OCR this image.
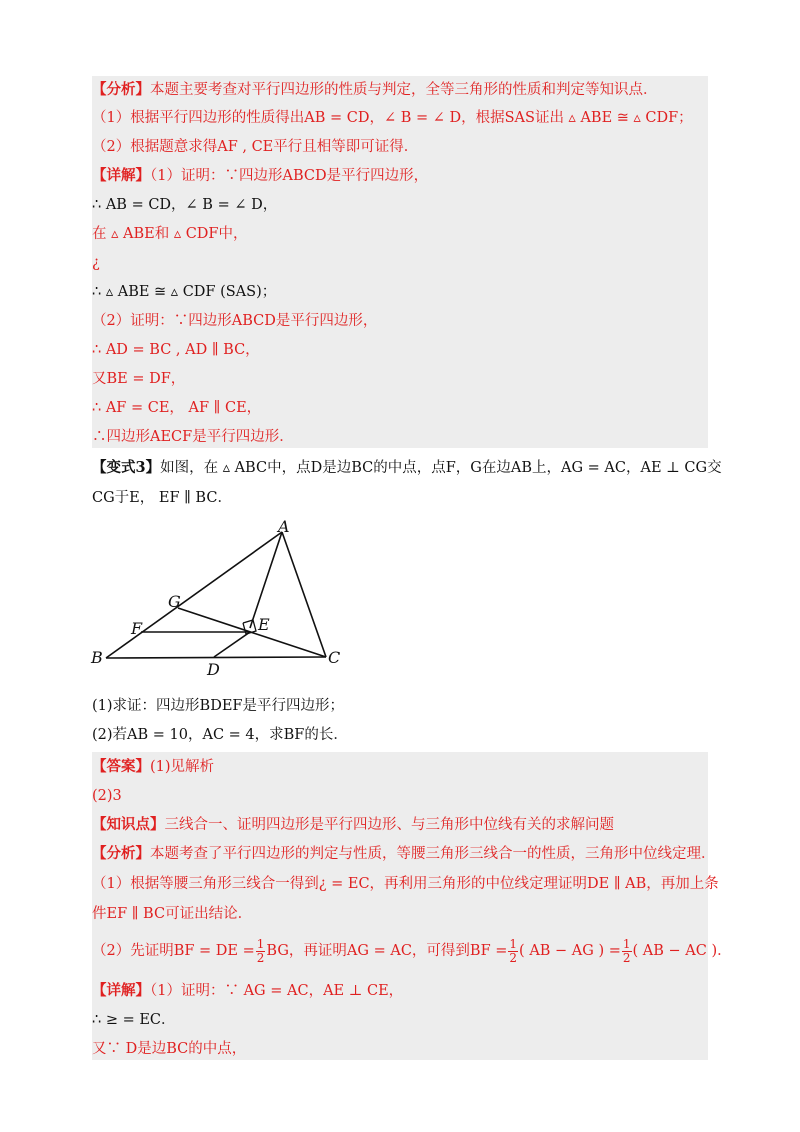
【分析】本题主要考查对平行四边形的性质与判定，全等三角形的性质和判定等知识点．
（1）根据平行四边形的性质得出AB = CD，∠ B = ∠ D，根据SAS证出 ▵ ABE ≅ ▵ CDF；
（2）根据题意求得AF , CE平行且相等即可证得．
【详解】（1）证明：∵四边形ABCD是平行四边形，
∴ AB = CD，∠ B = ∠ D，
在 ▵ ABE和 ▵ CDF中，
¿
∴ ▵ ABE ≅ ▵ CDF (SAS)；
（2）证明：∵四边形ABCD是平行四边形，
∴ AD = BC , AD ∥ BC，
又BE = DF，
∴ AF = CE， AF ∥ CE，
∴四边形AECF是平行四边形．
【变式3】如图，在 ▵ ABC中，点D是边BC的中点，点F，G在边AB上，AG = AC，AE ⊥ CG交
CG于E， EF ∥ BC．
A
B	C
D
E
F
G
(1)求证：四边形BDEF是平行四边形；
(2)若AB = 10，AC = 4，求BF的长．
【答案】(1)见解析
(2)3
【知识点】三线合一、证明四边形是平行四边形、与三角形中位线有关的求解问题
【分析】本题考查了平行四边形的判定与性质，等腰三角形三线合一的性质，三角形中位线定理．
（1）根据等腰三角形三线合一得到¿ = EC，再利用三角形的中位线定理证明DE ∥ AB，再加上条
件EF ∥ BC可证出结论．
（2）先证明BF = DE = $\frac{1}{2}$ BG，再证明AG = AC，可得到BF = $\frac{1}{2}$ ( AB − AG ) = $\frac{1}{2}$ ( AB − AC )．
【详解】（1）证明：∵ AG = AC，AE ⊥ CE，
∴ ≥ = EC．
又∵ D是边BC的中点，
